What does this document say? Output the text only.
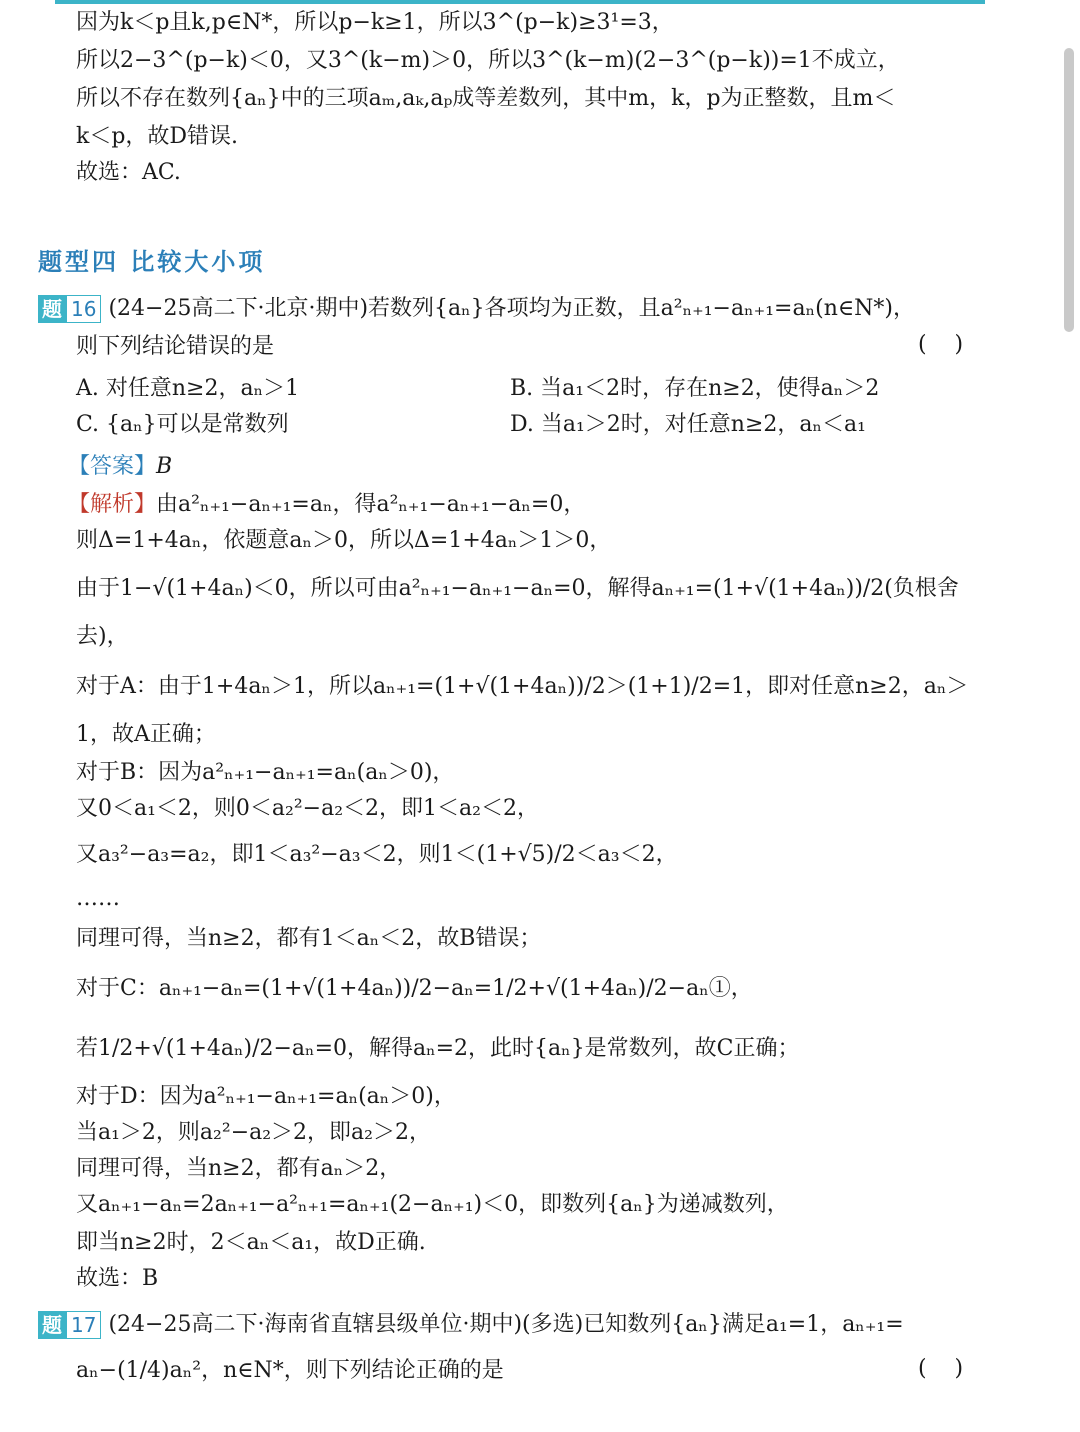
因为k＜p且k,p∈N*，所以p−k≥1，所以3^(p−k)≥3¹=3，
所以2−3^(p−k)＜0，又3^(k−m)＞0，所以3^(k−m)(2−3^(p−k))=1不成立，
所以不存在数列{aₙ}中的三项aₘ,aₖ,aₚ成等差数列，其中m，k，p为正整数，且m＜
k＜p，故D错误.
故选：AC.
题型四 比较大小项
题 16 (24−25高二下·北京·期中)若数列{aₙ}各项均为正数，且a²ₙ₊₁−aₙ₊₁=aₙ(n∈N*)，
则下列结论错误的是	(    )
A. 对任意n≥2，aₙ＞1	B. 当a₁＜2时，存在n≥2，使得aₙ＞2
C. {aₙ}可以是常数列	D. 当a₁＞2时，对任意n≥2，aₙ＜a₁
【答案】B
【解析】由a²ₙ₊₁−aₙ₊₁=aₙ，得a²ₙ₊₁−aₙ₊₁−aₙ=0，
则Δ=1+4aₙ，依题意aₙ＞0，所以Δ=1+4aₙ＞1＞0，
由于1−√(1+4aₙ)＜0，所以可由a²ₙ₊₁−aₙ₊₁−aₙ=0，解得aₙ₊₁=(1+√(1+4aₙ))/2(负根舍
去)，
对于A：由于1+4aₙ＞1，所以aₙ₊₁=(1+√(1+4aₙ))/2＞(1+1)/2=1，即对任意n≥2，aₙ＞
1，故A正确；
对于B：因为a²ₙ₊₁−aₙ₊₁=aₙ(aₙ＞0)，
又0＜a₁＜2，则0＜a₂²−a₂＜2，即1＜a₂＜2，
又a₃²−a₃=a₂，即1＜a₃²−a₃＜2，则1＜(1+√5)/2＜a₃＜2，
……
同理可得，当n≥2，都有1＜aₙ＜2，故B错误；
对于C：aₙ₊₁−aₙ=(1+√(1+4aₙ))/2−aₙ=1/2+√(1+4aₙ)/2−aₙ①，
若1/2+√(1+4aₙ)/2−aₙ=0，解得aₙ=2，此时{aₙ}是常数列，故C正确；
对于D：因为a²ₙ₊₁−aₙ₊₁=aₙ(aₙ＞0)，
当a₁＞2，则a₂²−a₂＞2，即a₂＞2，
同理可得，当n≥2，都有aₙ＞2，
又aₙ₊₁−aₙ=2aₙ₊₁−a²ₙ₊₁=aₙ₊₁(2−aₙ₊₁)＜0，即数列{aₙ}为递减数列，
即当n≥2时，2＜aₙ＜a₁，故D正确.
故选：B
题 17 (24−25高二下·海南省直辖县级单位·期中)(多选)已知数列{aₙ}满足a₁=1，aₙ₊₁=
aₙ−(1/4)aₙ²，n∈N*，则下列结论正确的是	(    )
